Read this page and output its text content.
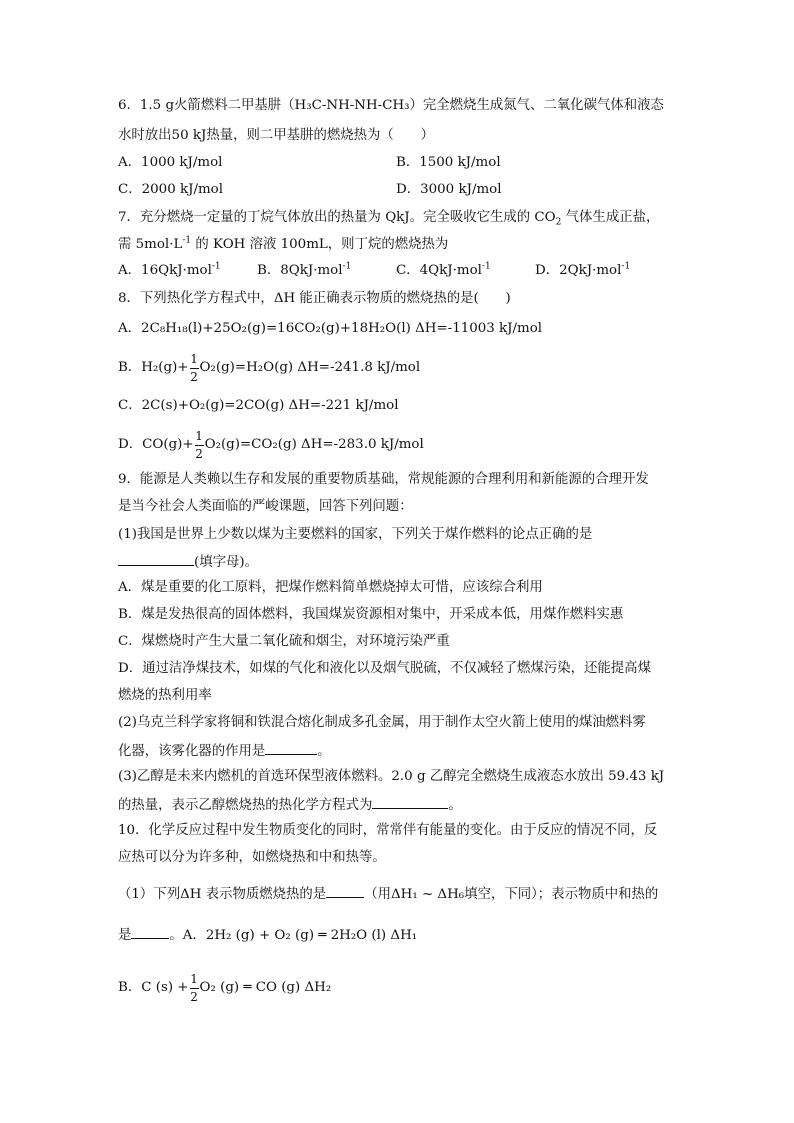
6．1.5 g火箭燃料二甲基肼（H₃C-NH-NH-CH₃）完全燃烧生成氮气、二氧化碳气体和液态
水时放出50 kJ热量，则二甲基肼的燃烧热为（　　）
A．1000 kJ/mol	B．1500 kJ/mol
C．2000 kJ/mol	D．3000 kJ/mol
7．充分燃烧一定量的丁烷气体放出的热量为 QkJ。完全吸收它生成的 $CO_2$ 气体生成正盐，
需 $5mol\cdot L^{-1}$ 的 KOH 溶液 100mL，则丁烷的燃烧热为
A．16QkJ·mol$^{-1}$	B．8QkJ·mol$^{-1}$	C．4QkJ·mol$^{-1}$	D．2QkJ·mol$^{-1}$
8．下列热化学方程式中，ΔH 能正确表示物质的燃烧热的是(　　)
A．2C₈H₁₈(l)+25O₂(g)=16CO₂(g)+18H₂O(l) ΔH=-11003 kJ/mol
B．$H_2(g)+ \frac{1}{2} O_2(g)=H_2O(g)$ ΔH=-241.8 kJ/mol
C．2C(s)+O₂(g)=2CO(g) ΔH=-221 kJ/mol
D．$CO(g)+ \frac{1}{2} O_2(g)=CO_2(g)$ ΔH=-283.0 kJ/mol
9．能源是人类赖以生存和发展的重要物质基础，常规能源的合理利用和新能源的合理开发
是当今社会人类面临的严峻课题，回答下列问题：
(1)我国是世界上少数以煤为主要燃料的国家，下列关于煤作燃料的论点正确的是
(填字母)。
A．煤是重要的化工原料，把煤作燃料简单燃烧掉太可惜，应该综合利用
B．煤是发热很高的固体燃料，我国煤炭资源相对集中，开采成本低，用煤作燃料实惠
C．煤燃烧时产生大量二氧化硫和烟尘，对环境污染严重
D．通过洁净煤技术，如煤的气化和液化以及烟气脱硫，不仅减轻了燃煤污染，还能提高煤
燃烧的热利用率
(2)乌克兰科学家将铜和铁混合熔化制成多孔金属，用于制作太空火箭上使用的煤油燃料雾
化器，该雾化器的作用是	。
(3)乙醇是未来内燃机的首选环保型液体燃料。2.0 g 乙醇完全燃烧生成液态水放出 59.43 kJ
的热量，表示乙醇燃烧热的热化学方程式为	。
10．化学反应过程中发生物质变化的同时，常常伴有能量的变化。由于反应的情况不同，反
应热可以分为许多种，如燃烧热和中和热等。
（1）下列ΔH 表示物质燃烧热的是	（用ΔH₁ ~ ΔH₆填空，下同）；表示物质中和热的
是	。A．2H₂ (g) + O₂ (g) ═ 2H₂O (l) ΔH₁
B．C $(s) + \frac{1}{2} O_2$ (g) ═ CO (g) ΔH₂
